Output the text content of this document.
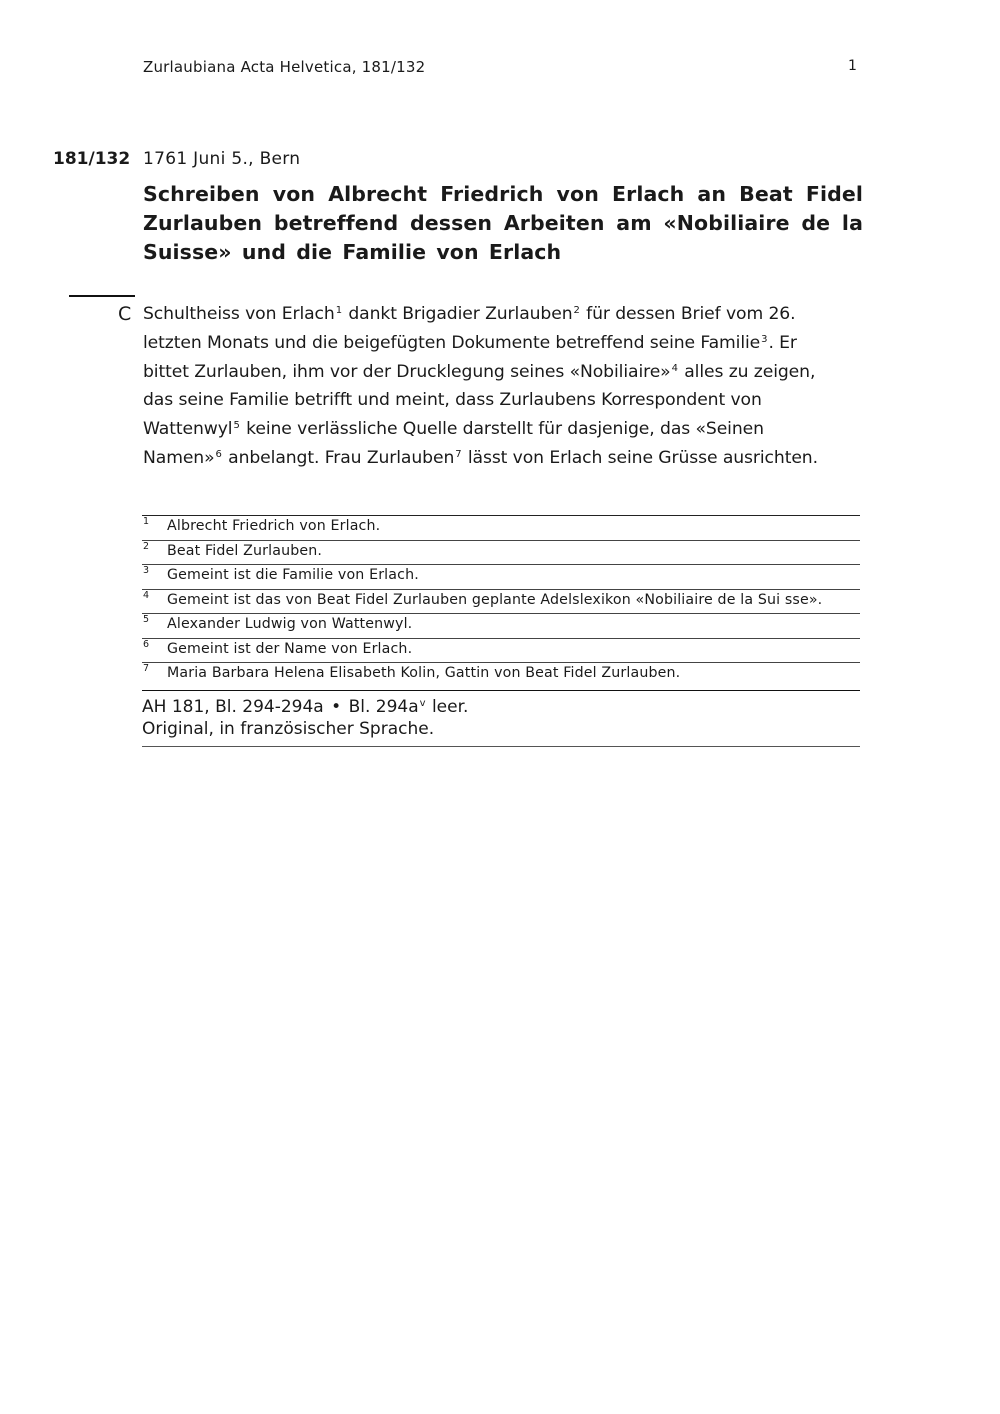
Zurlaubiana Acta Helvetica, 181/132	1
181/132 1761 Juni 5., Bern
Schreiben von Albrecht Friedrich von Erlach an Beat Fidel
Zurlauben betreffend dessen Arbeiten am «Nobiliaire de la
Suisse» und die Familie von Erlach
C Schultheiss von Erlach$^1$ dankt Brigadier Zurlauben$^2$ für dessen Brief vom 26.
letzten Monats und die beigefügten Dokumente betreffend seine Familie$^3$. Er
bittet Zurlauben, ihm vor der Drucklegung seines «Nobiliaire»$^4$ alles zu zeigen,
das seine Familie betrifft und meint, dass Zurlaubens Korrespondent von
Wattenwyl$^5$ keine verlässliche Quelle darstellt für dasjenige, das «Seinen
Namen»$^6$ anbelangt. Frau Zurlauben$^7$ lässt von Erlach seine Grüsse ausrichten.
1 Albrecht Friedrich von Erlach.
2 Beat Fidel Zurlauben.
3 Gemeint ist die Familie von Erlach.
4 Gemeint ist das von Beat Fidel Zurlauben geplante Adelslexikon «Nobiliaire de la Sui sse».
5 Alexander Ludwig von Wattenwyl.
6 Gemeint ist der Name von Erlach.
7 Maria Barbara Helena Elisabeth Kolin, Gattin von Beat Fidel Zurlauben.
AH 181, Bl. 294-294a • Bl. 294a$^v$ leer.
Original, in französischer Sprache.
